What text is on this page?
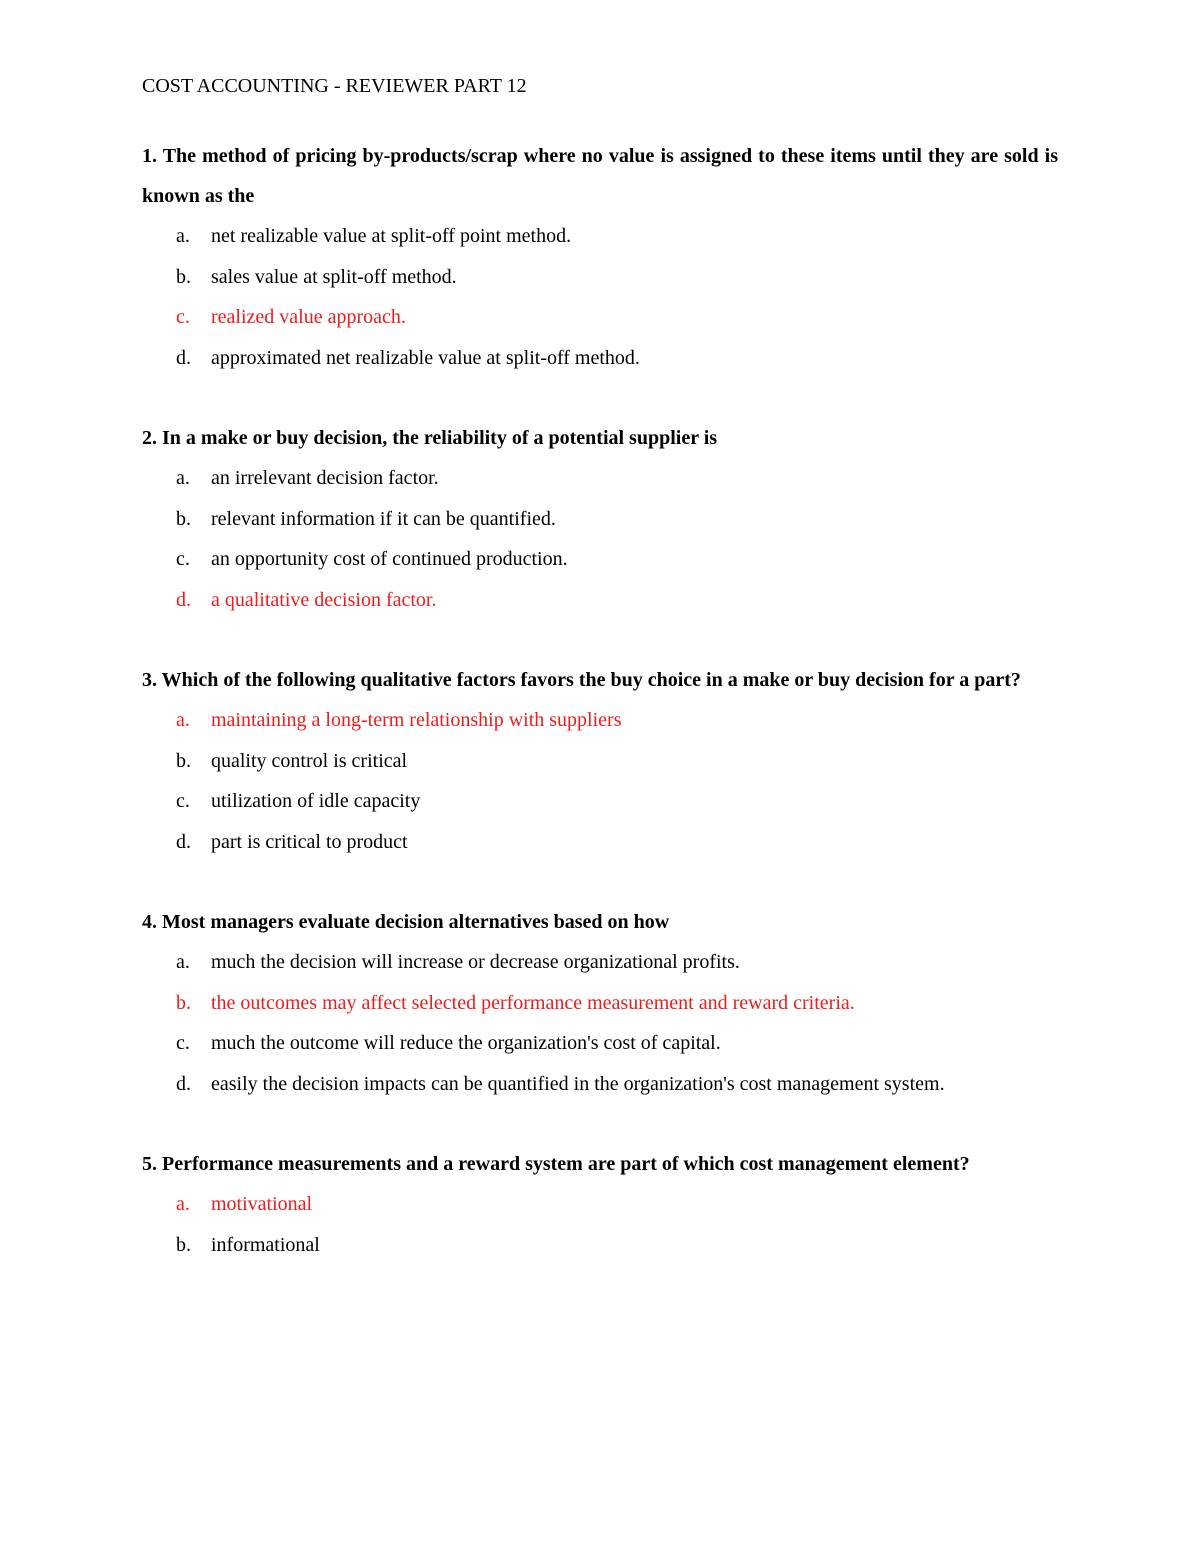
COST ACCOUNTING - REVIEWER PART 12

1. The method of pricing by-products/scrap where no value is assigned to these items until they are sold is known as the

a. net realizable value at split-off point method.
b. sales value at split-off method.
c. realized value approach.
d. approximated net realizable value at split-off method.

2. In a make or buy decision, the reliability of a potential supplier is

a. an irrelevant decision factor.
b. relevant information if it can be quantified.
c. an opportunity cost of continued production.
d. a qualitative decision factor.

3. Which of the following qualitative factors favors the buy choice in a make or buy decision for a part?

a. maintaining a long-term relationship with suppliers
b. quality control is critical
c. utilization of idle capacity
d. part is critical to product

4. Most managers evaluate decision alternatives based on how

a. much the decision will increase or decrease organizational profits.
b. the outcomes may affect selected performance measurement and reward criteria.
c. much the outcome will reduce the organization's cost of capital.
d. easily the decision impacts can be quantified in the organization's cost management system.

5. Performance measurements and a reward system are part of which cost management element?

a. motivational
b. informational
